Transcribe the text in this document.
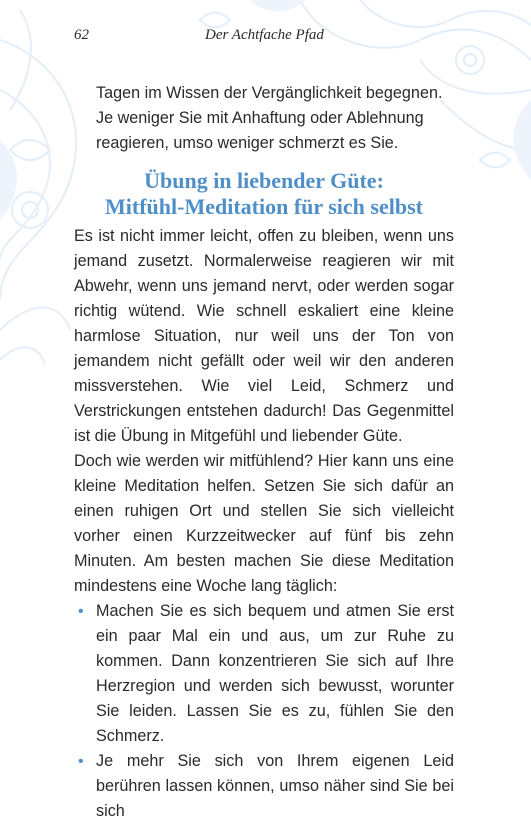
62	Der Achtfache Pfad

Tagen im Wissen der Vergänglichkeit begegnen. Je weniger Sie mit Anhaftung oder Ablehnung reagieren, umso weniger schmerzt es Sie.

Übung in liebender Güte:
Mitfühl-Meditation für sich selbst

Es ist nicht immer leicht, offen zu bleiben, wenn uns jemand zusetzt. Normalerweise reagieren wir mit Abwehr, wenn uns jemand nervt, oder werden sogar richtig wütend. Wie schnell eskaliert eine kleine harmlose Situation, nur weil uns der Ton von jemandem nicht gefällt oder weil wir den anderen missverstehen. Wie viel Leid, Schmerz und Verstrickungen entstehen dadurch! Das Gegenmittel ist die Übung in Mitgefühl und liebender Güte.

Doch wie werden wir mitfühlend? Hier kann uns eine kleine Meditation helfen. Setzen Sie sich dafür an einen ruhigen Ort und stellen Sie sich vielleicht vorher einen Kurzzeitwecker auf fünf bis zehn Minuten. Am besten machen Sie diese Meditation mindestens eine Woche lang täglich:

• Machen Sie es sich bequem und atmen Sie erst ein paar Mal ein und aus, um zur Ruhe zu kommen. Dann konzentrieren Sie sich auf Ihre Herzregion und werden sich bewusst, worunter Sie leiden. Lassen Sie es zu, fühlen Sie den Schmerz.
• Je mehr Sie sich von Ihrem eigenen Leid berühren lassen können, umso näher sind Sie bei sich
